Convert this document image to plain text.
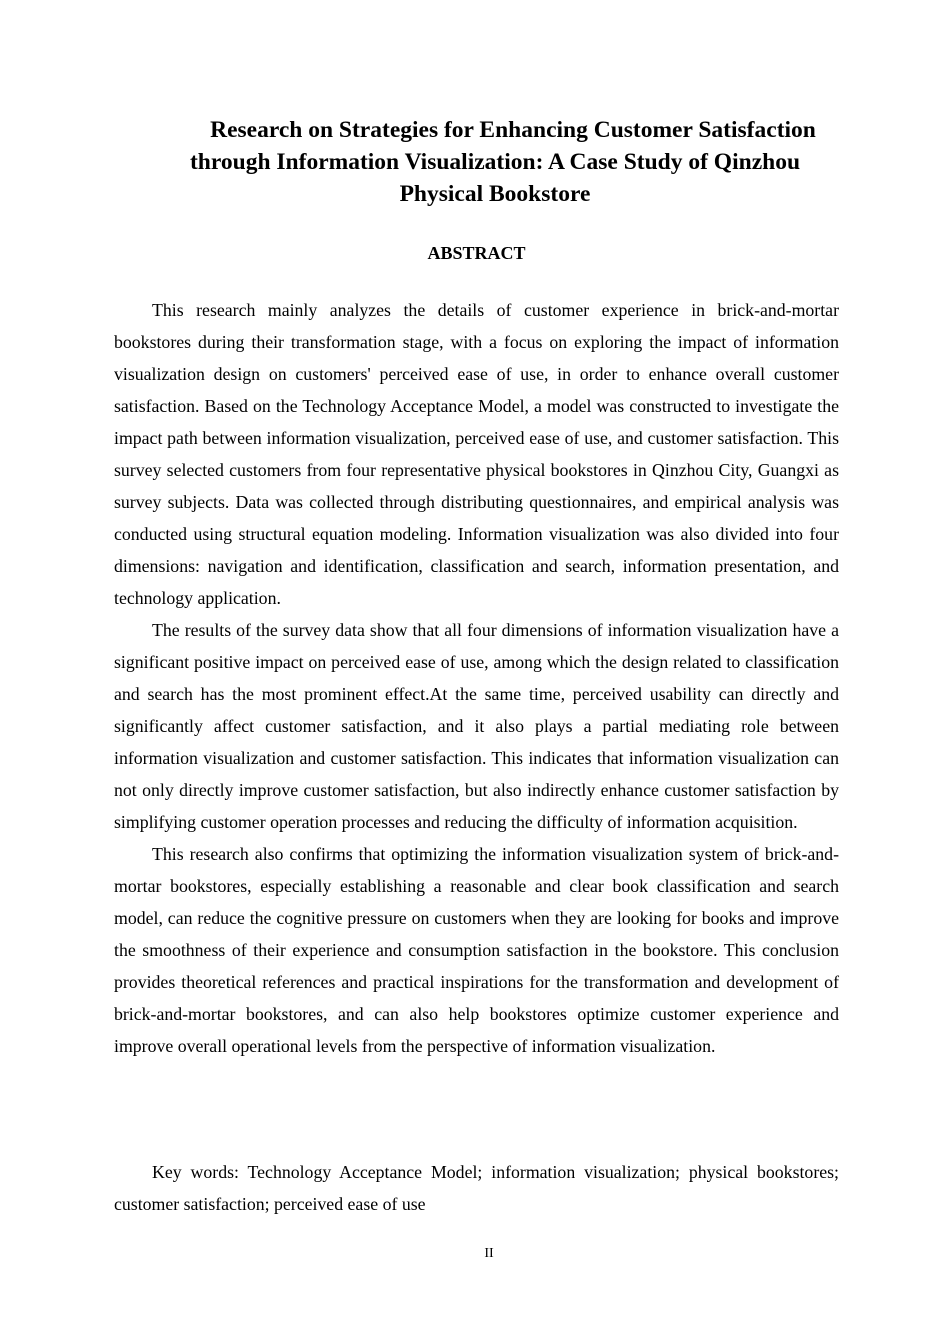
Research on Strategies for Enhancing Customer Satisfaction
through Information Visualization: A Case Study of Qinzhou
Physical Bookstore
ABSTRACT

This research mainly analyzes the details of customer experience in brick-and-mortar bookstores during their transformation stage, with a focus on exploring the impact of information visualization design on customers' perceived ease of use, in order to enhance overall customer satisfaction. Based on the Technology Acceptance Model, a model was constructed to investigate the impact path between information visualization, perceived ease of use, and customer satisfaction. This survey selected customers from four representative physical bookstores in Qinzhou City, Guangxi as survey subjects. Data was collected through distributing questionnaires, and empirical analysis was conducted using structural equation modeling. Information visualization was also divided into four dimensions: navigation and identification, classification and search, information presentation, and technology application.

The results of the survey data show that all four dimensions of information visualization have a significant positive impact on perceived ease of use, among which the design related to classification and search has the most prominent effect.At the same time, perceived usability can directly and significantly affect customer satisfaction, and it also plays a partial mediating role between information visualization and customer satisfaction. This indicates that information visualization can not only directly improve customer satisfaction, but also indirectly enhance customer satisfaction by simplifying customer operation processes and reducing the difficulty of information acquisition.

This research also confirms that optimizing the information visualization system of brick-and-mortar bookstores, especially establishing a reasonable and clear book classification and search model, can reduce the cognitive pressure on customers when they are looking for books and improve the smoothness of their experience and consumption satisfaction in the bookstore. This conclusion provides theoretical references and practical inspirations for the transformation and development of brick-and-mortar bookstores, and can also help bookstores optimize customer experience and improve overall operational levels from the perspective of information visualization.

Key words: Technology Acceptance Model; information visualization; physical bookstores; customer satisfaction; perceived ease of use

II
